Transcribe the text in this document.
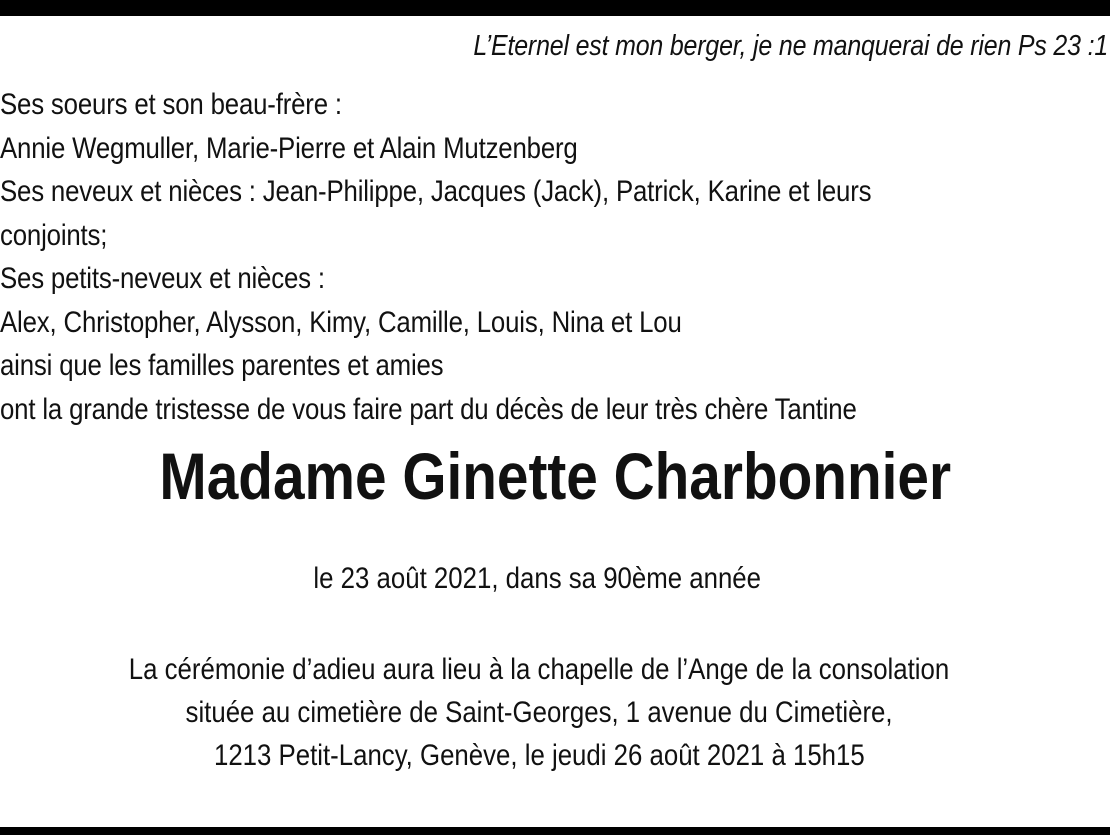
L’Eternel est mon berger, je ne manquerai de rien Ps 23 :1
Ses soeurs et son beau-frère :
Annie Wegmuller, Marie-Pierre et Alain Mutzenberg
Ses neveux et nièces : Jean-Philippe, Jacques (Jack), Patrick, Karine et leurs
conjoints;
Ses petits-neveux et nièces :
Alex, Christopher, Alysson, Kimy, Camille, Louis, Nina et Lou
ainsi que les familles parentes et amies
ont la grande tristesse de vous faire part du décès de leur très chère Tantine
Madame Ginette Charbonnier
le 23 août 2021, dans sa 90ème année
La cérémonie d’adieu aura lieu à la chapelle de l’Ange de la consolation
située au cimetière de Saint-Georges, 1 avenue du Cimetière,
1213 Petit-Lancy, Genève, le jeudi 26 août 2021 à 15h15
